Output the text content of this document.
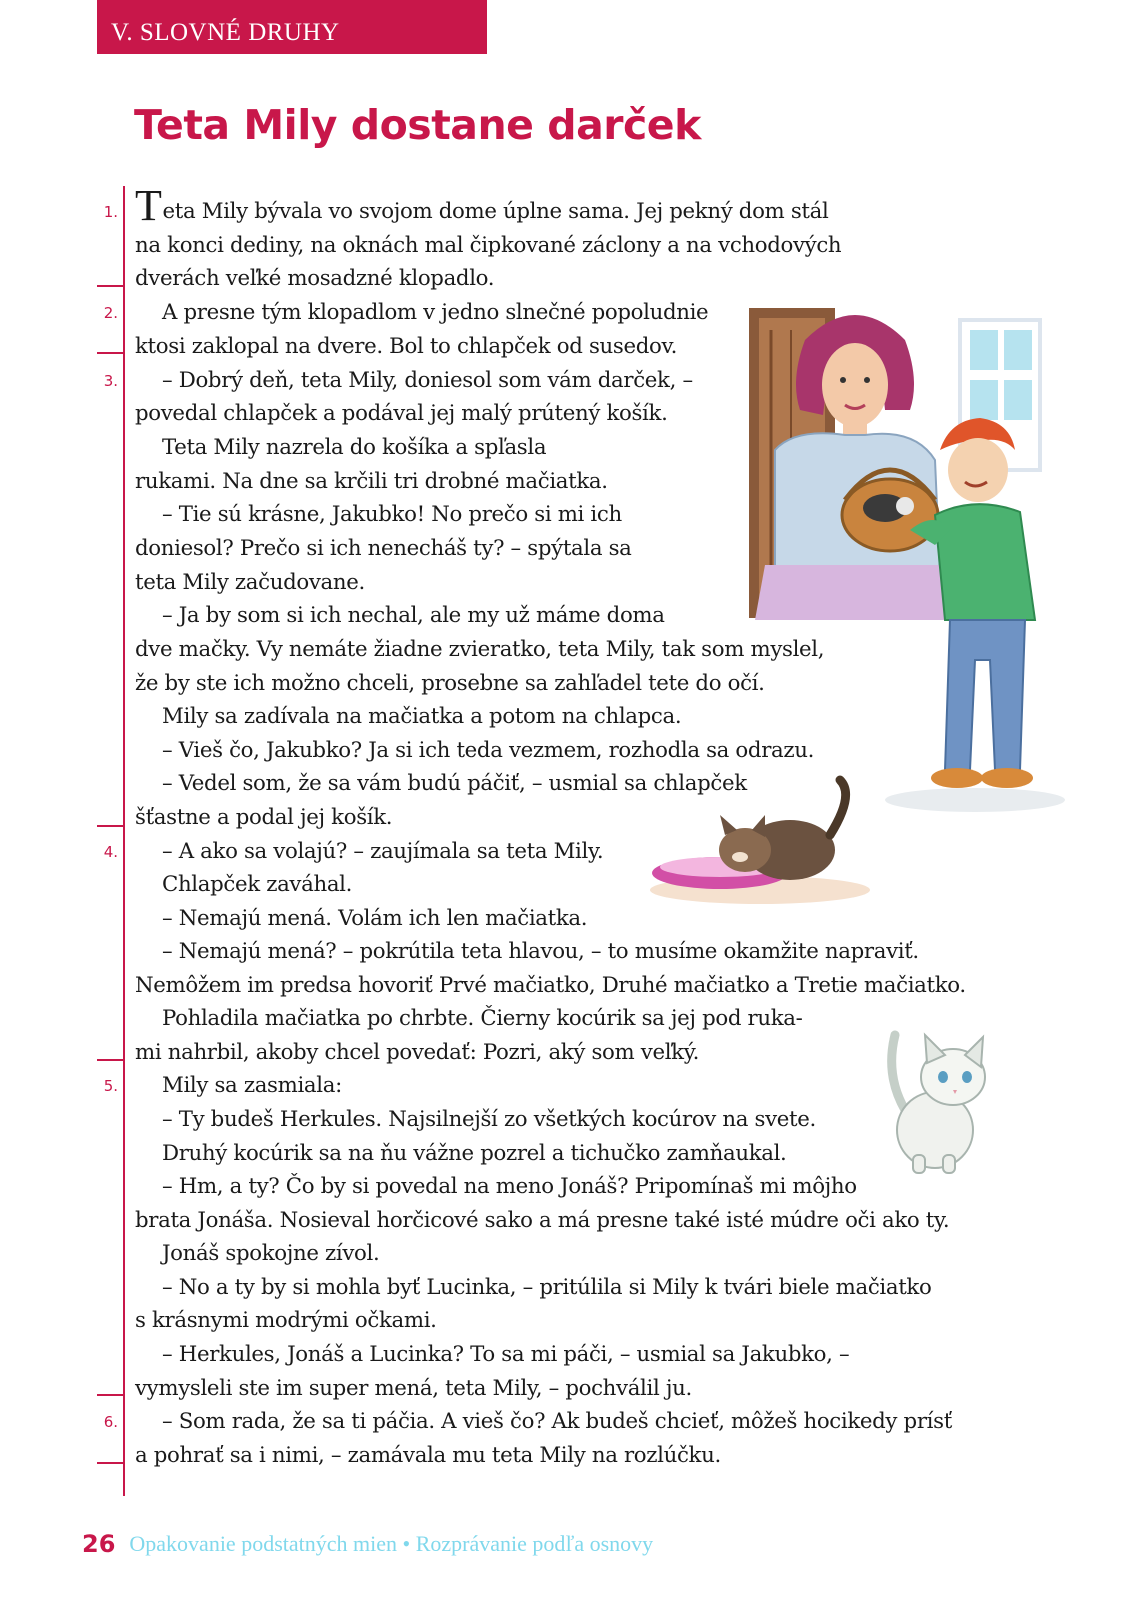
V. SLOVNÉ DRUHY
Teta Mily dostane darček
1.
2.
3.
4.
5.
6.

Teta Mily bývala vo svojom dome úplne sama. Jej pekný dom stál

na konci dediny, na oknách mal čipkované záclony a na vchodových

dverách veľké mosadzné klopadlo.

A presne tým klopadlom v jedno slnečné popoludnie

ktosi zaklopal na dvere. Bol to chlapček od susedov.

– Dobrý deň, teta Mily, doniesol som vám darček, –

povedal chlapček a podával jej malý prútený košík.

Teta Mily nazrela do košíka a spľasla

rukami. Na dne sa krčili tri drobné mačiatka.

– Tie sú krásne, Jakubko! No prečo si mi ich

doniesol? Prečo si ich nenecháš ty? – spýtala sa

teta Mily začudovane.

– Ja by som si ich nechal, ale my už máme doma

dve mačky. Vy nemáte žiadne zvieratko, teta Mily, tak som myslel,

že by ste ich možno chceli, prosebne sa zahľadel tete do očí.

Mily sa zadívala na mačiatka a potom na chlapca.

– Vieš čo, Jakubko? Ja si ich teda vezmem, rozhodla sa odrazu.

– Vedel som, že sa vám budú páčiť, – usmial sa chlapček

šťastne a podal jej košík.

– A ako sa volajú? – zaujímala sa teta Mily.

Chlapček zaváhal.

– Nemajú mená. Volám ich len mačiatka.

– Nemajú mená? – pokrútila teta hlavou, – to musíme okamžite napraviť.

Nemôžem im predsa hovoriť Prvé mačiatko, Druhé mačiatko a Tretie mačiatko.

Pohladila mačiatka po chrbte. Čierny kocúrik sa jej pod ruka-

mi nahrbil, akoby chcel povedať: Pozri, aký som veľký.

Mily sa zasmiala:

– Ty budeš Herkules. Najsilnejší zo všetkých kocúrov na svete.

Druhý kocúrik sa na ňu vážne pozrel a tichučko zamňaukal.

– Hm, a ty? Čo by si povedal na meno Jonáš? Pripomínaš mi môjho

brata Jonáša. Nosieval horčicové sako a má presne také isté múdre oči ako ty.

Jonáš spokojne zívol.

– No a ty by si mohla byť Lucinka, – pritúlila si Mily k tvári biele mačiatko

s krásnymi modrými očkami.

– Herkules, Jonáš a Lucinka? To sa mi páči, – usmial sa Jakubko, –

vymysleli ste im super mená, teta Mily, – pochválil ju.

– Som rada, že sa ti páčia. A vieš čo? Ak budeš chcieť, môžeš hocikedy prísť

a pohrať sa i nimi, – zamávala mu teta Mily na rozlúčku.

26 Opakovanie podstatných mien • Rozprávanie podľa osnovy
